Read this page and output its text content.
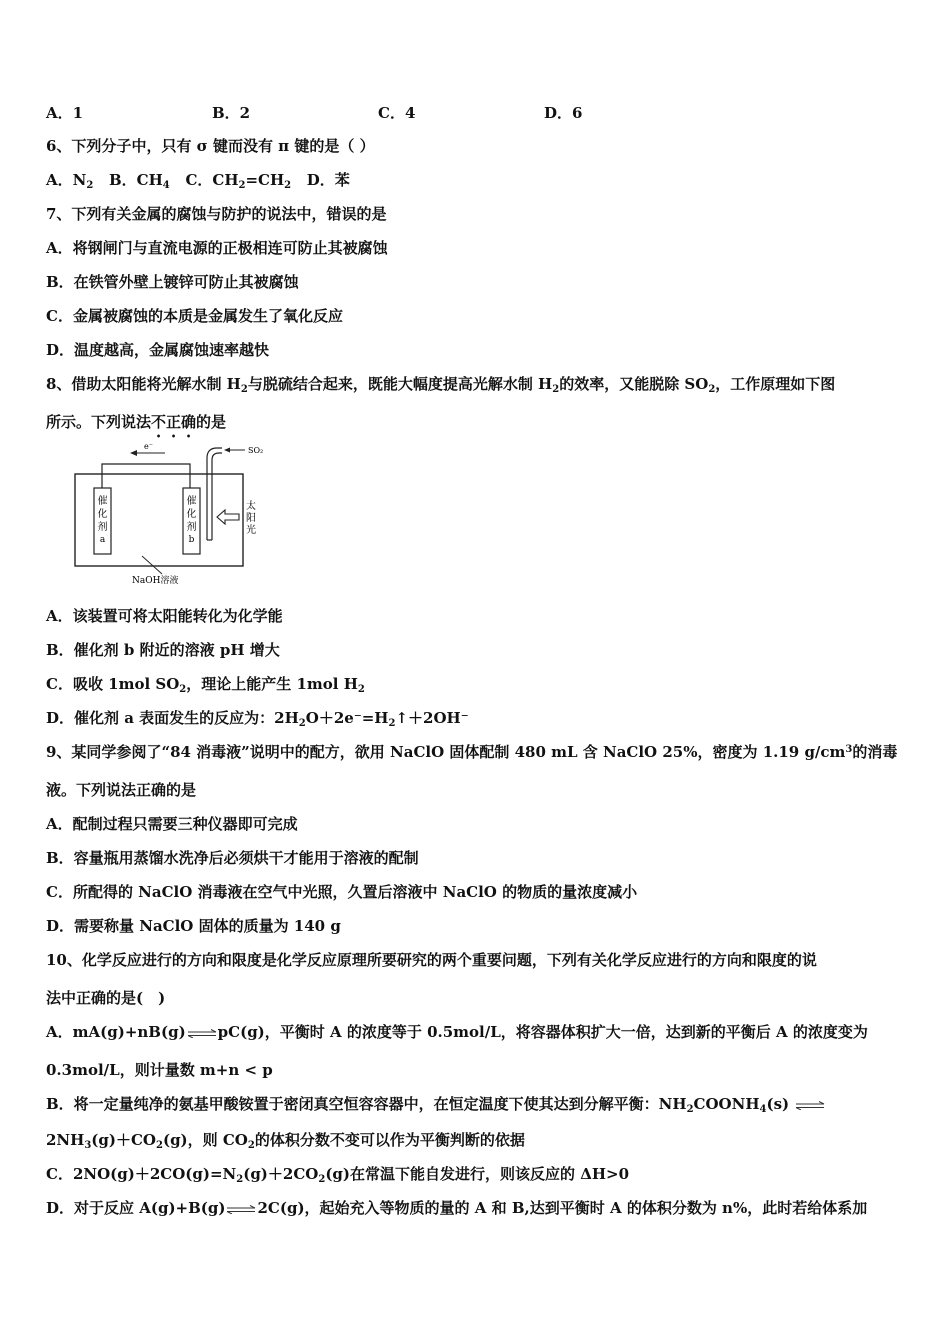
A．1	B．2	C．4	D．6
6、下列分子中，只有 σ 键而没有 π 键的是（ ）
A．$N_2$ B．$CH_4$ C．$CH_2=CH_2$ D．苯
7、下列有关金属的腐蚀与防护的说法中，错误的是
A．将钢闸门与直流电源的正极相连可防止其被腐蚀
B．在铁管外壁上镀锌可防止其被腐蚀
C．金属被腐蚀的本质是金属发生了氧化反应
D．温度越高，金属腐蚀速率越快
8、借助太阳能将光解水制 $H_2$与脱硫结合起来，既能大幅度提高光解水制 $H_2$的效率，又能脱除 $SO_2$，工作原理如下图
所示。下列说法不正确的是
e⁻
催
化
剂
a
催
化
剂
b
SO₂
太
阳
光
NaOH溶液
A．该装置可将太阳能转化为化学能
B．催化剂 b 附近的溶液 pH 增大
C．吸收 1mol $SO_2$，理论上能产生 1mol $H_2$
D．催化剂 a 表面发生的反应为：$2H_2O+2e^-=H_2↑+2OH^-$
9、某同学参阅了“84 消毒液”说明中的配方，欲用 NaClO 固体配制 480 mL 含 NaClO 25%，密度为 1.19 $g/cm^3$的消毒
液。下列说法正确的是
A．配制过程只需要三种仪器即可完成
B．容量瓶用蒸馏水洗净后必须烘干才能用于溶液的配制
C．所配得的 NaClO 消毒液在空气中光照，久置后溶液中 NaClO 的物质的量浓度减小
D．需要称量 NaClO 固体的质量为 140 g
10、化学反应进行的方向和限度是化学反应原理所要研究的两个重要问题，下列有关化学反应进行的方向和限度的说
法中正确的是(　)
A．mA(g)+nB(g)⇌pC(g)，平衡时 A 的浓度等于 0.5mol/L，将容器体积扩大一倍，达到新的平衡后 A 的浓度变为
0.3mol/L，则计量数 m+n < p
B．将一定量纯净的氨基甲酸铵置于密闭真空恒容容器中，在恒定温度下使其达到分解平衡：$NH_2COONH_4(s)$ ⇌
$2NH_3(g)+CO_2(g)$，则 $CO_2$的体积分数不变可以作为平衡判断的依据
C．$2NO(g)+2CO(g)=N_2(g)+2CO_2(g)$在常温下能自发进行，则该反应的 ΔH>0
D．对于反应 A(g)+B(g)⇌2C(g)，起始充入等物质的量的 A 和 B,达到平衡时 A 的体积分数为 n%，此时若给体系加
